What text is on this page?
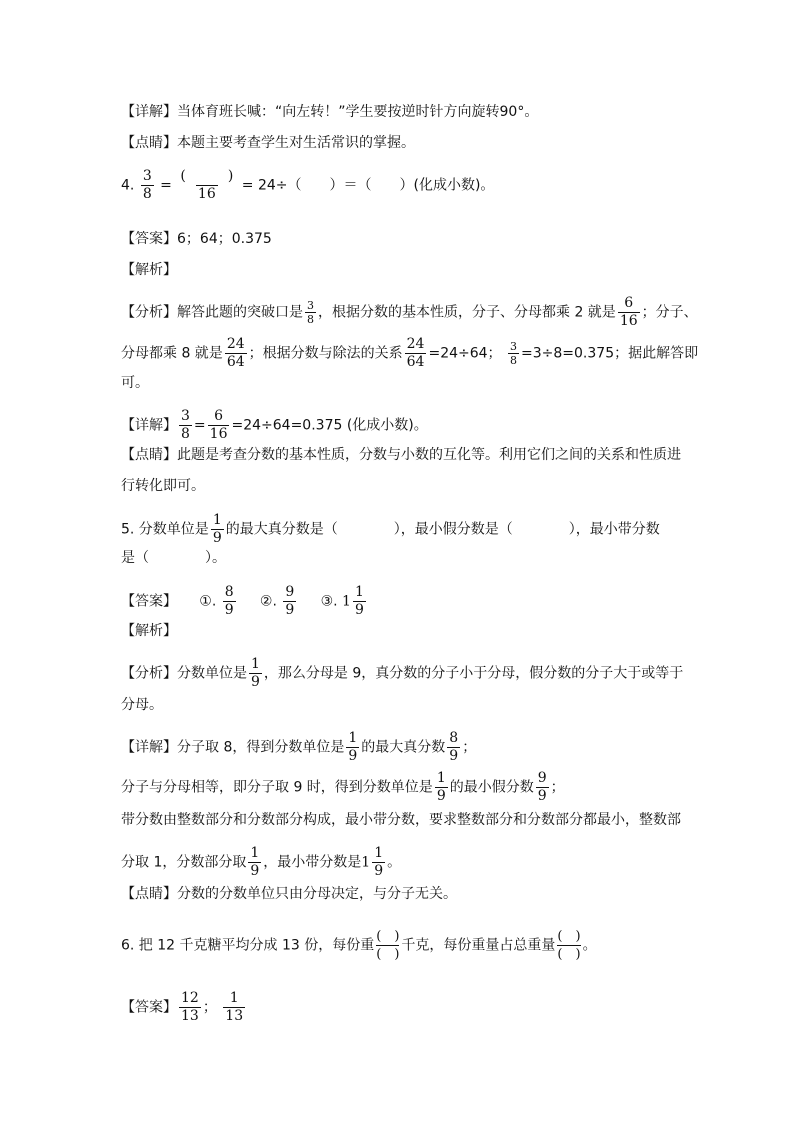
【详解】当体育班长喊：“向左转！”学生要按逆时针方向旋转90°。
【点睛】本题主要考查学生对生活常识的掌握。
4. $\frac{3}{8} = \frac{( )}{16} = 24\div$（　　）＝（　　）(化成小数)。
【答案】6；64；0.375
【解析】
【分析】解答此题的突破口是 $\frac{3}{8}$ ，根据分数的基本性质，分子、分母都乘 2 就是 $\frac{6}{16}$ ；分子、
分母都乘 8 就是 $\frac{24}{64}$ ；根据分数与除法的关系 $\frac{24}{64} =24\div 64$； $\frac{3}{8} =3\div 8=0.375$；据此解答即
可。
【详解】 $\frac{3}{8} = \frac{6}{16} =24\div 64=0.375$ (化成小数)。
【点睛】此题是考查分数的基本性质，分数与小数的互化等。利用它们之间的关系和性质进
行转化即可。
5. 分数单位是 $\frac{1}{9}$ 的最大真分数是（　　　　），最小假分数是（　　　　），最小带分数
是（　　　　）。
【答案】 ①. $\frac{8}{9}$ ②. $\frac{9}{9}$ ③. $1 \frac{1}{9}$
【解析】
【分析】分数单位是 $\frac{1}{9}$ ，那么分母是 9，真分数的分子小于分母，假分数的分子大于或等于
分母。
【详解】分子取 8，得到分数单位是 $\frac{1}{9}$ 的最大真分数 $\frac{8}{9}$ ；
分子与分母相等，即分子取 9 时，得到分数单位是 $\frac{1}{9}$ 的最小假分数 $\frac{9}{9}$ ；
带分数由整数部分和分数部分构成，最小带分数，要求整数部分和分数部分都最小，整数部
分取 1，分数部分取 $\frac{1}{9}$ ，最小带分数是$1 \frac{1}{9}$ 。
【点睛】分数的分数单位只由分母决定，与分子无关。
6. 把 12 千克糖平均分成 13 份，每份重 $\frac{( )}{( )}$ 千克，每份重量占总重量 $\frac{( )}{( )}$ 。
【答案】 $\frac{12}{13}$ ； $\frac{1}{13}$
